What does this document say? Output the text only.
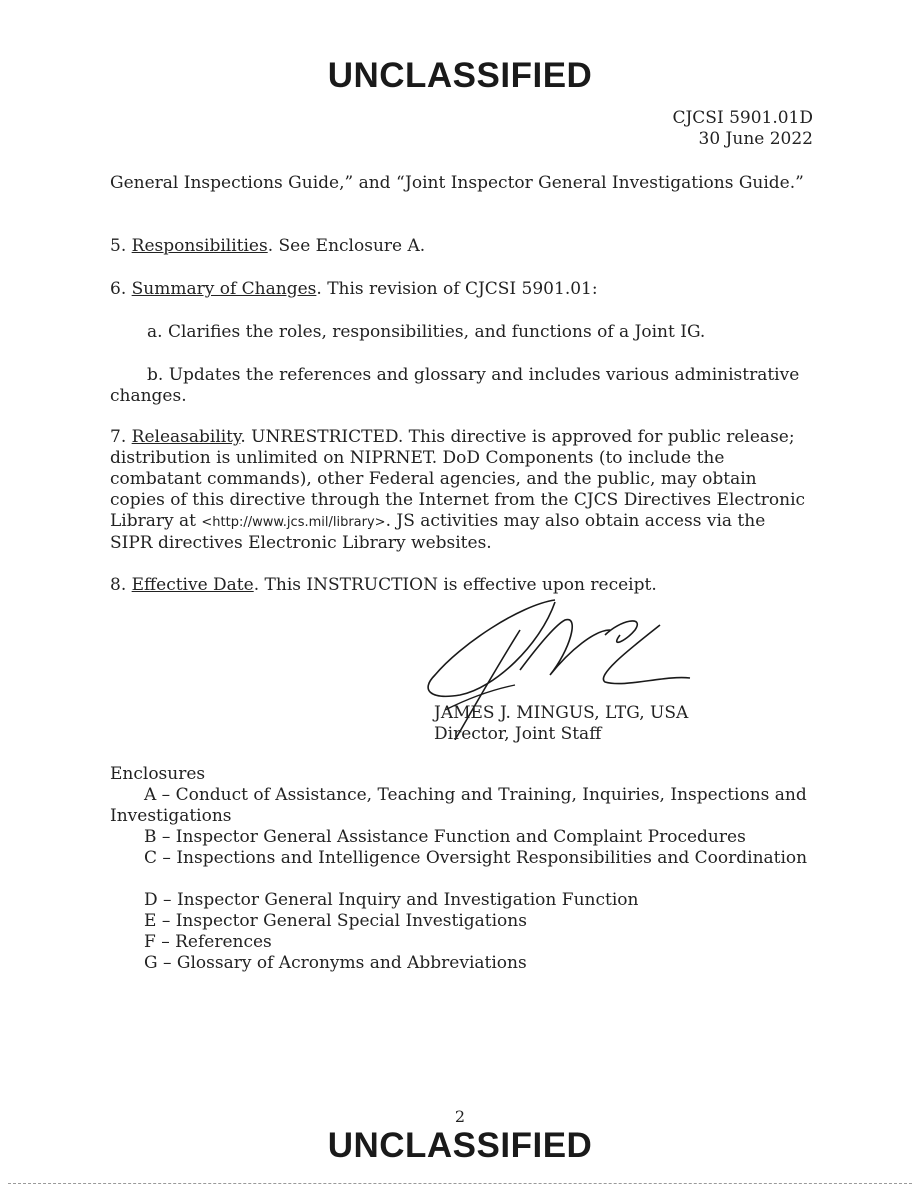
UNCLASSIFIED
CJCSI 5901.01D
30 June 2022

General Inspections Guide,” and “Joint Inspector General Investigations Guide.”

5. Responsibilities. See Enclosure A.

6. Summary of Changes. This revision of CJCSI 5901.01:

a. Clarifies the roles, responsibilities, and functions of a Joint IG.

b. Updates the references and glossary and includes various administrative changes.

7. Releasability. UNRESTRICTED. This directive is approved for public release; distribution is unlimited on NIPRNET. DoD Components (to include the combatant commands), other Federal agencies, and the public, may obtain copies of this directive through the Internet from the CJCS Directives Electronic Library at <http://www.jcs.mil/library>. JS activities may also obtain access via the SIPR directives Electronic Library websites.

8. Effective Date. This INSTRUCTION is effective upon receipt.

JAMES J. MINGUS, LTG, USA
Director, Joint Staff

Enclosures

A – Conduct of Assistance, Teaching and Training, Inquiries, Inspections and Investigations

B – Inspector General Assistance Function and Complaint Procedures

C – Inspections and Intelligence Oversight Responsibilities and Coordination

D – Inspector General Inquiry and Investigation Function

E – Inspector General Special Investigations

F – References

G – Glossary of Acronyms and Abbreviations

2
UNCLASSIFIED
